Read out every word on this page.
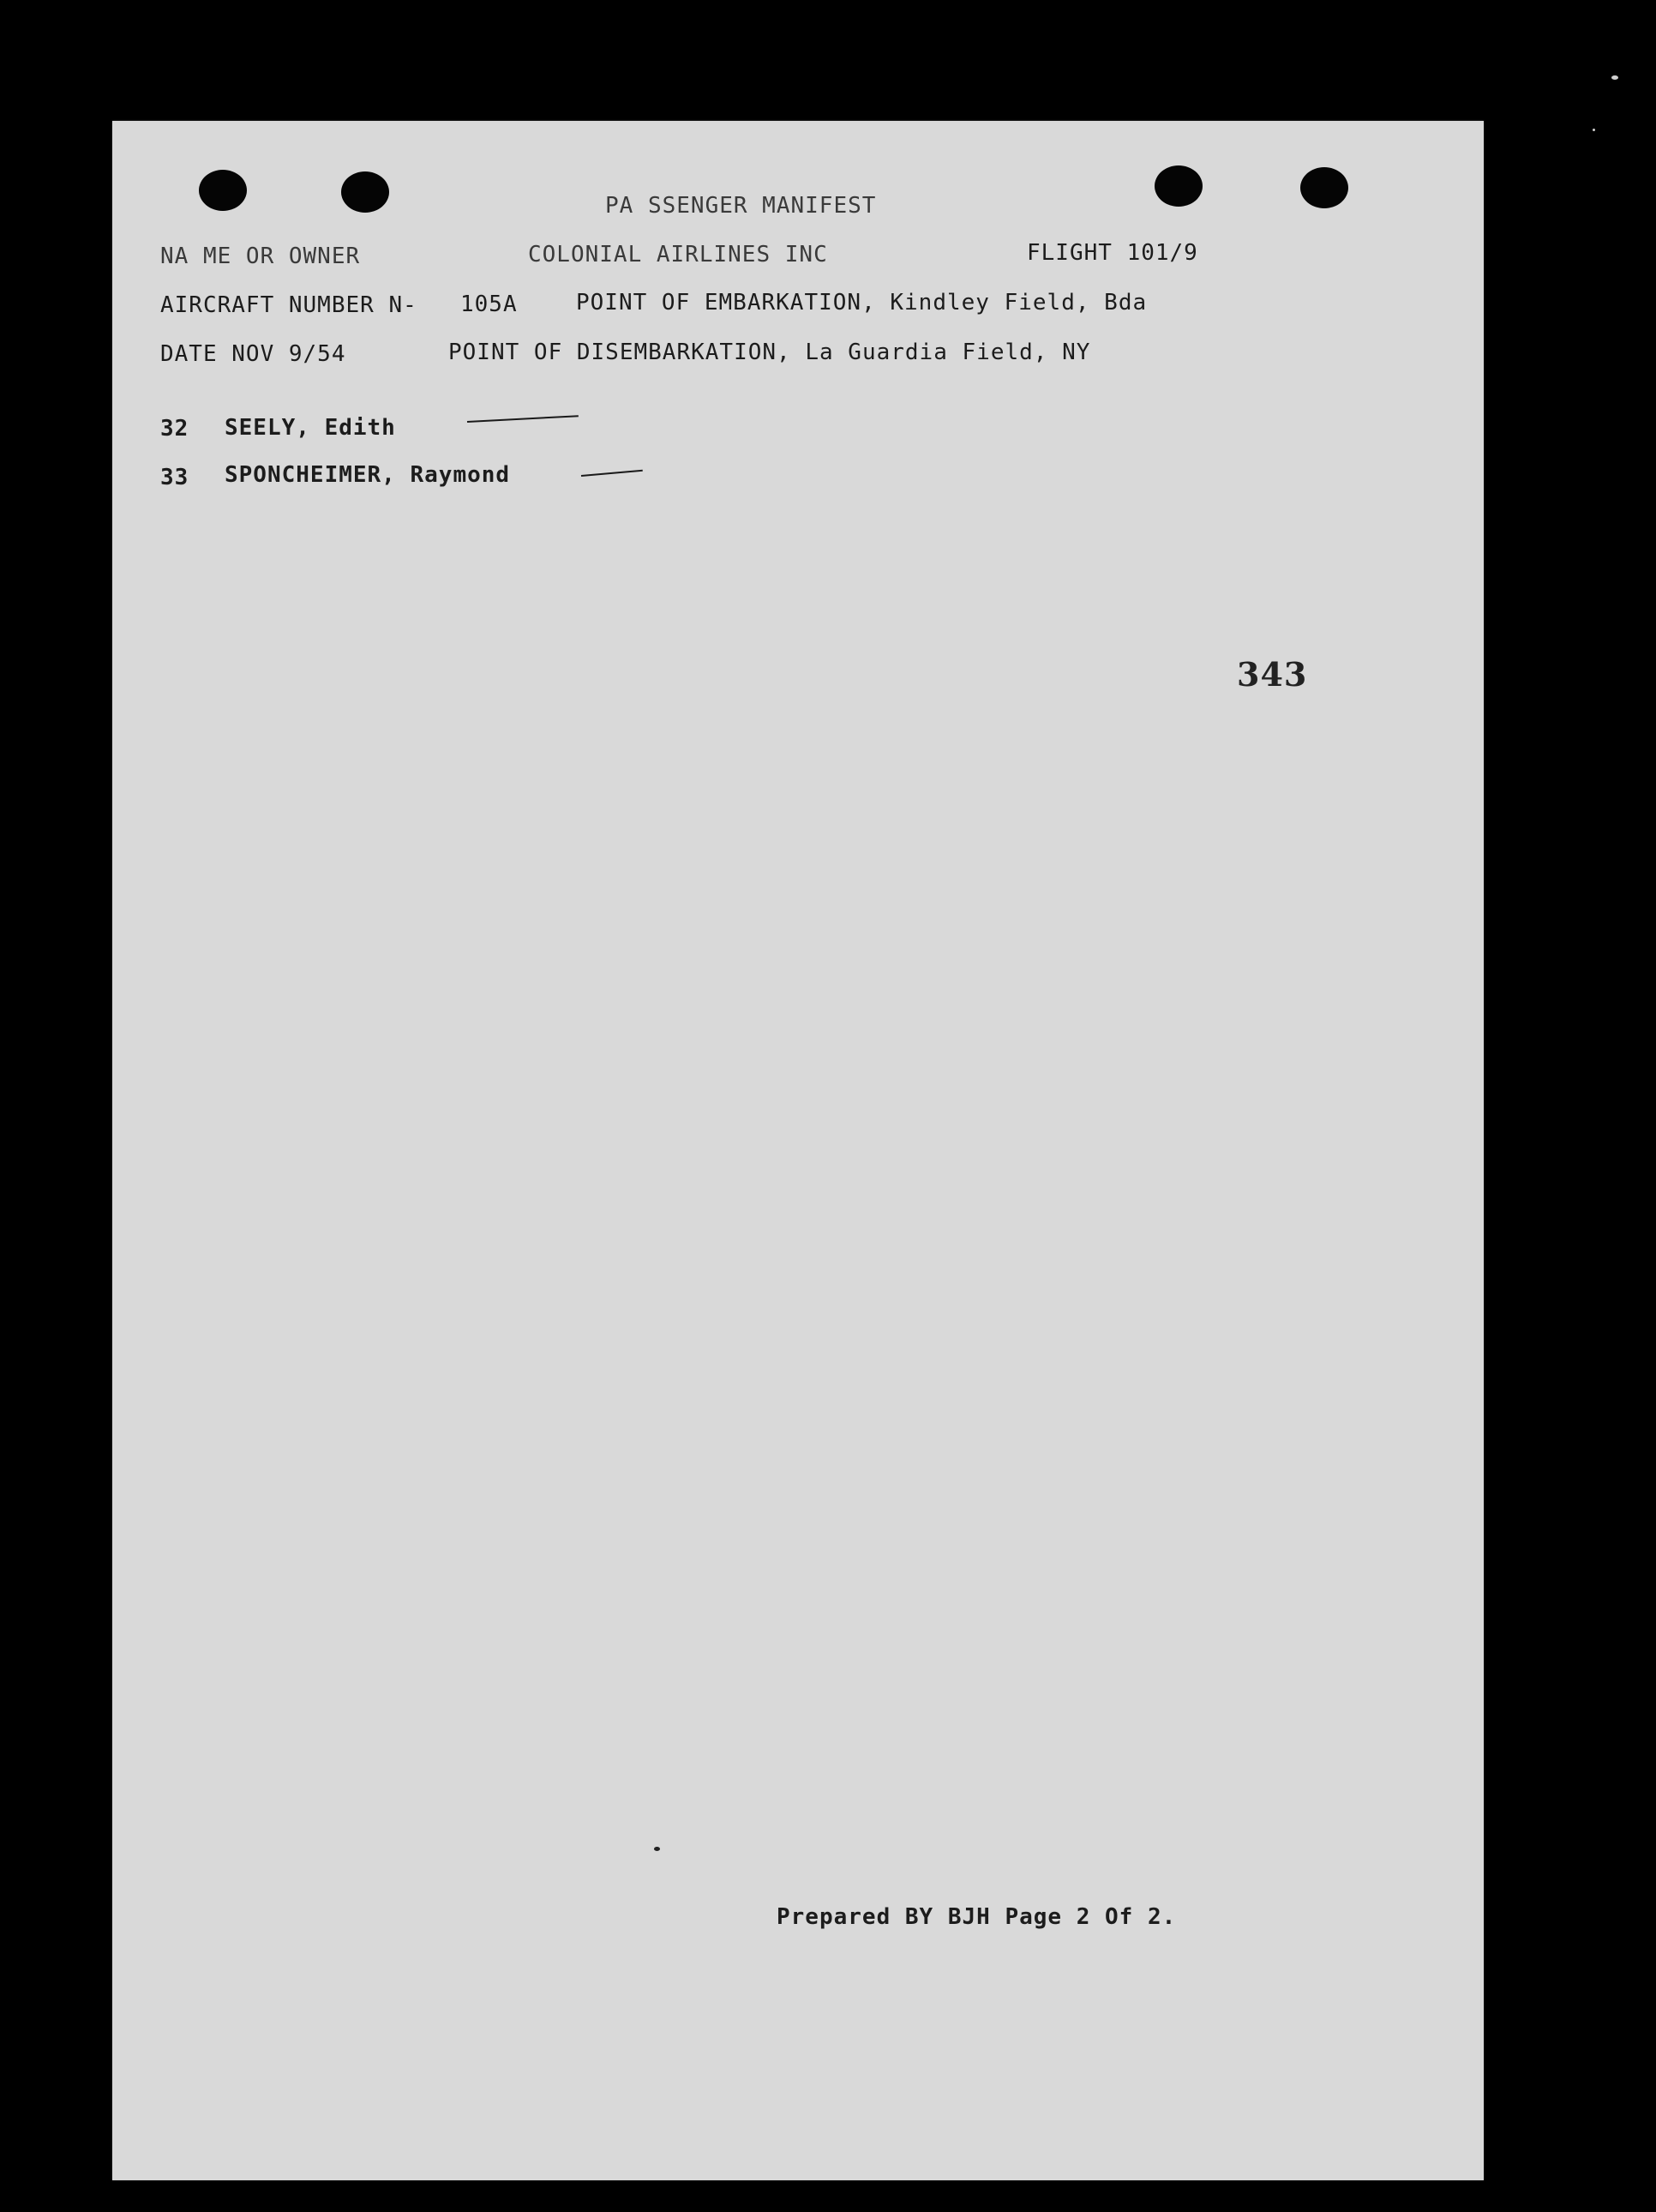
PA SSENGER MANIFEST
NA ME OR OWNER	COLONIAL AIRLINES INC	FLIGHT 101/9
AIRCRAFT NUMBER N- 105A	POINT OF EMBARKATION, Kindley Field, Bda
DATE NOV 9/54	POINT OF DISEMBARKATION, La Guardia Field, NY
32 SEELY, Edith
33 SPONCHEIMER, Raymond
343
Prepared BY BJH Page 2 Of 2.
